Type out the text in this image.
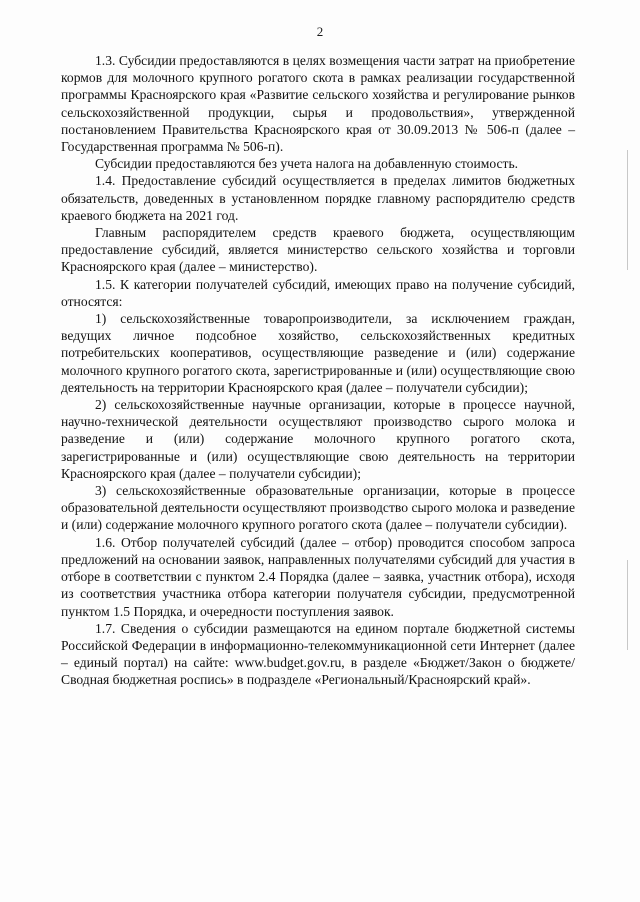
2

1.3. Субсидии предоставляются в целях возмещения части затрат на приобретение кормов для молочного крупного рогатого скота в рамках реализации государственной программы Красноярского края «Развитие сельского хозяйства и регулирование рынков сельскохозяйственной продукции, сырья и продовольствия», утвержденной постановлением Правительства Красноярского края от 30.09.2013 № 506-п (далее – Государственная программа № 506-п).

Субсидии предоставляются без учета налога на добавленную стоимость.

1.4. Предоставление субсидий осуществляется в пределах лимитов бюджетных обязательств, доведенных в установленном порядке главному распорядителю средств краевого бюджета на 2021 год.

Главным распорядителем средств краевого бюджета, осуществляющим предоставление субсидий, является министерство сельского хозяйства и торговли Красноярского края (далее – министерство).

1.5. К категории получателей субсидий, имеющих право на получение субсидий, относятся:

1) сельскохозяйственные товаропроизводители, за исключением граждан, ведущих личное подсобное хозяйство, сельскохозяйственных кредитных потребительских кооперативов, осуществляющие разведение и (или) содержание молочного крупного рогатого скота, зарегистрированные и (или) осуществляющие свою деятельность на территории Красноярского края (далее – получатели субсидии);

2) сельскохозяйственные научные организации, которые в процессе научной, научно-технической деятельности осуществляют производство сырого молока и разведение и (или) содержание молочного крупного рогатого скота, зарегистрированные и (или) осуществляющие свою деятельность на территории Красноярского края (далее – получатели субсидии);

3) сельскохозяйственные образовательные организации, которые в процессе образовательной деятельности осуществляют производство сырого молока и разведение и (или) содержание молочного крупного рогатого скота (далее – получатели субсидии).

1.6. Отбор получателей субсидий (далее – отбор) проводится способом запроса предложений на основании заявок, направленных получателями субсидий для участия в отборе в соответствии с пунктом 2.4 Порядка (далее – заявка, участник отбора), исходя из соответствия участника отбора категории получателя субсидии, предусмотренной пунктом 1.5 Порядка, и очередности поступления заявок.

1.7. Сведения о субсидии размещаются на едином портале бюджетной системы Российской Федерации в информационно-телекоммуникационной сети Интернет (далее – единый портал) на сайте: www.budget.gov.ru, в разделе «Бюджет/Закон о бюджете/Сводная бюджетная роспись» в подразделе «Региональный/Красноярский край».
